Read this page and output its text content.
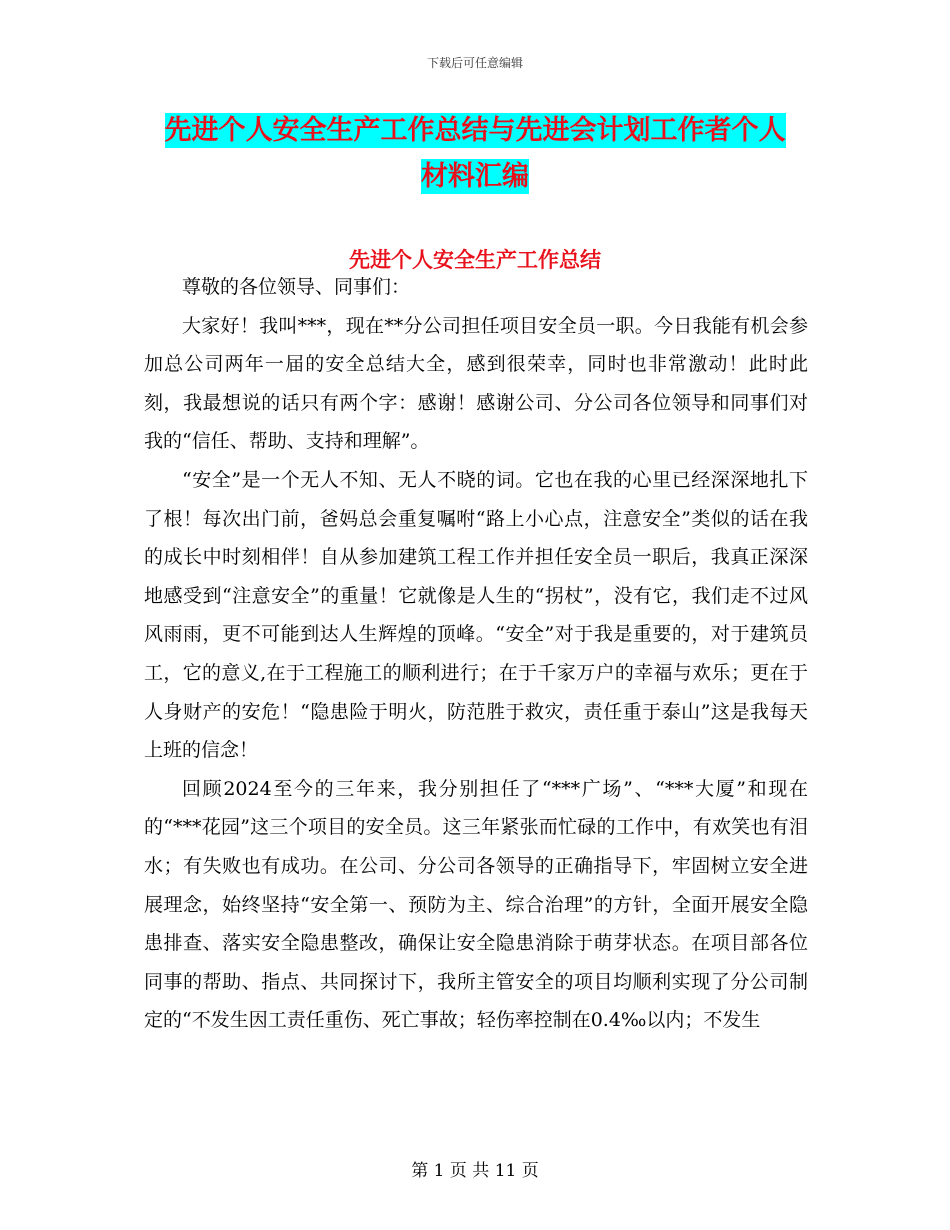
下载后可任意编辑
先进个人安全生产工作总结与先进会计划工作者个人
材料汇编
先进个人安全生产工作总结

尊敬的各位领导、同事们：

大家好！我叫***，现在**分公司担任项目安全员一职。今日我能有机会参加总公司两年一届的安全总结大全，感到很荣幸，同时也非常激动！此时此刻，我最想说的话只有两个字：感谢！感谢公司、分公司各位领导和同事们对我的“信任、帮助、支持和理解”。

“安全”是一个无人不知、无人不晓的词。它也在我的心里已经深深地扎下了根！每次出门前，爸妈总会重复嘱咐“路上小心点，注意安全”类似的话在我的成长中时刻相伴！自从参加建筑工程工作并担任安全员一职后，我真正深深地感受到“注意安全”的重量！它就像是人生的“拐杖”，没有它，我们走不过风风雨雨，更不可能到达人生辉煌的顶峰。“安全”对于我是重要的，对于建筑员工，它的意义,在于工程施工的顺利进行；在于千家万户的幸福与欢乐；更在于人身财产的安危！“隐患险于明火，防范胜于救灾，责任重于泰山”这是我每天上班的信念！

回顾2024至今的三年来，我分别担任了“***广场”、“***大厦”和现在的“***花园”这三个项目的安全员。这三年紧张而忙碌的工作中，有欢笑也有泪水；有失败也有成功。在公司、分公司各领导的正确指导下，牢固树立安全进展理念，始终坚持“安全第一、预防为主、综合治理”的方针，全面开展安全隐患排查、落实安全隐患整改，确保让安全隐患消除于萌芽状态。在项目部各位同事的帮助、指点、共同探讨下，我所主管安全的项目均顺利实现了分公司制定的“不发生因工责任重伤、死亡事故；轻伤率控制在0.4‰以内；不发生

第 1 页 共 11 页
